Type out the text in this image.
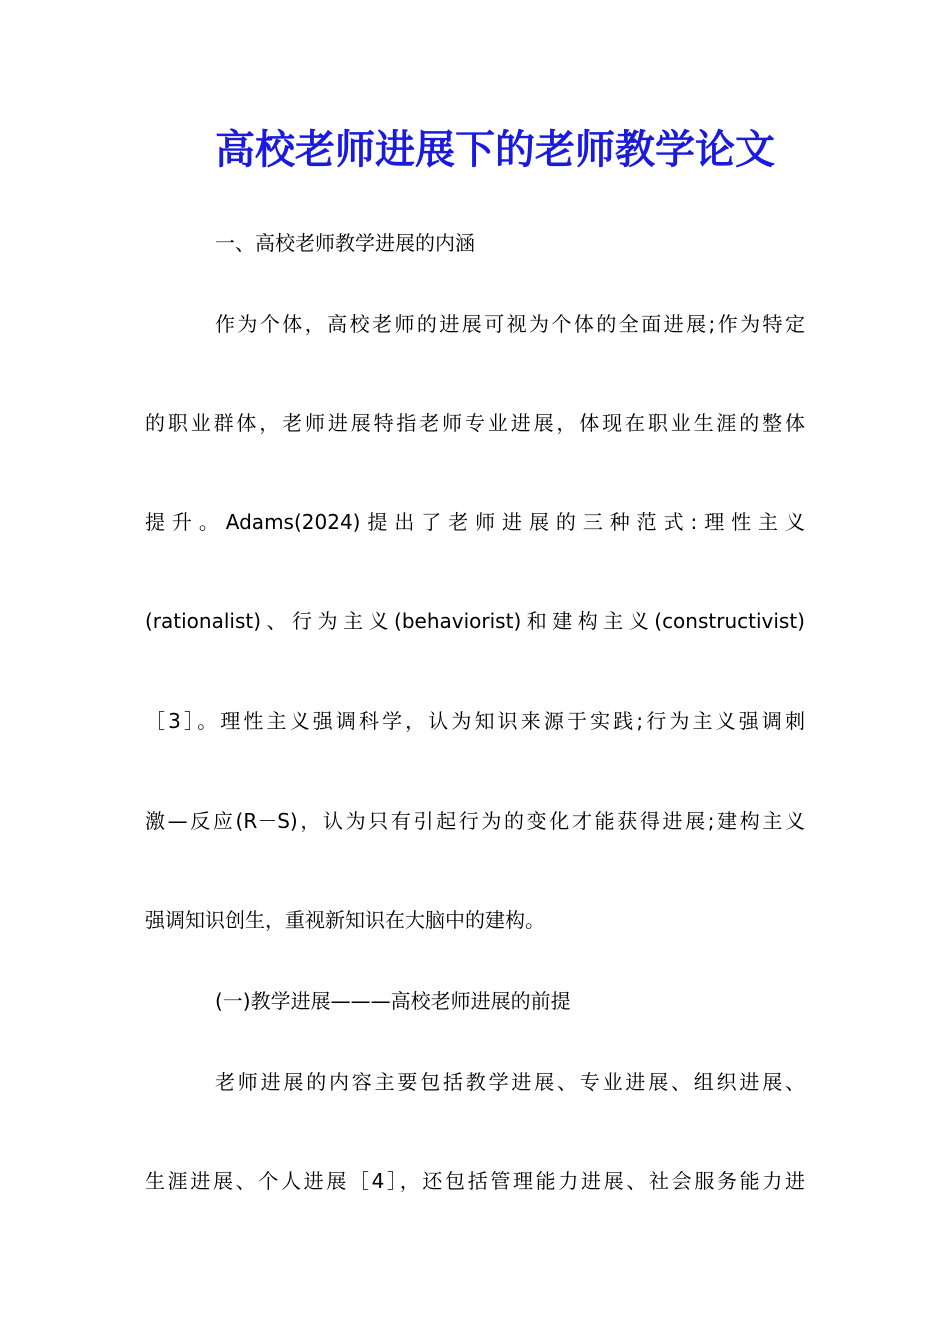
高校老师进展下的老师教学论文

一、高校老师教学进展的内涵

作为个体，高校老师的进展可视为个体的全面进展;作为特定

的职业群体，老师进展特指老师专业进展，体现在职业生涯的整体

提升。Adams(2024)提出了老师进展的三种范式:理性主义

(rationalist)、行为主义(behaviorist)和建构主义(constructivist)

［3］。理性主义强调科学，认为知识来源于实践;行为主义强调刺

激—反应(R－S)，认为只有引起行为的变化才能获得进展;建构主义

强调知识创生，重视新知识在大脑中的建构。

(一)教学进展———高校老师进展的前提

老师进展的内容主要包括教学进展、专业进展、组织进展、

生涯进展、个人进展［4］，还包括管理能力进展、社会服务能力进
